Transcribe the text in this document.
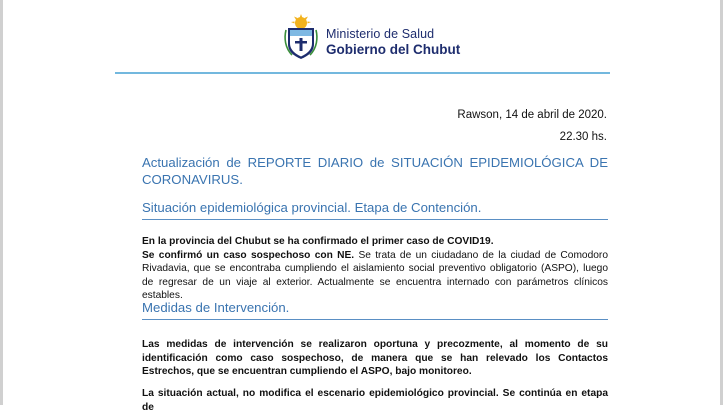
Ministerio de Salud
Gobierno del Chubut
Rawson, 14 de abril de 2020.
22.30 hs.
Actualización de REPORTE DIARIO de SITUACIÓN EPIDEMIOLÓGICA DE CORONAVIRUS.
Situación epidemiológica provincial. Etapa de Contención.
En la provincia del Chubut se ha confirmado el primer caso de COVID19.
Se confirmó un caso sospechoso con NE. Se trata de un ciudadano de la ciudad de Comodoro Rivadavia, que se encontraba cumpliendo el aislamiento social preventivo obligatorio (ASPO), luego de regresar de un viaje al exterior. Actualmente se encuentra internado con parámetros clínicos estables.
Medidas de Intervención.
Las medidas de intervención se realizaron oportuna y precozmente, al momento de su identificación como caso sospechoso, de manera que se han relevado los Contactos Estrechos, que se encuentran cumpliendo el ASPO, bajo monitoreo.
La situación actual, no modifica el escenario epidemiológico provincial. Se continúa en etapa de
